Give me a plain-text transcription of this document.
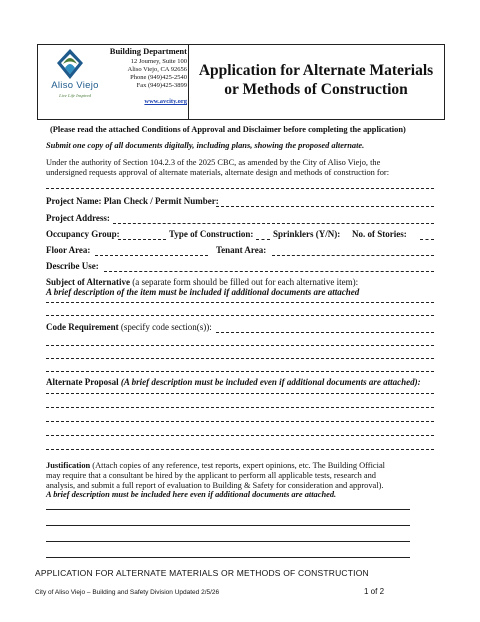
Aliso Viejo
Live Life Inspired
Building Department
12 Journey, Suite 100
Aliso Viejo, CA 92656
Phone (949)425-2540
Fax (949)425-3899
www.avcity.org
Application for Alternate Materials
or Methods of Construction
(Please read the attached Conditions of Approval and Disclaimer before completing the application)
Submit one copy of all documents digitally, including plans, showing the proposed alternate.
Under the authority of Section 104.2.3 of the 2025 CBC, as amended by the City of Aliso Viejo, the
undersigned requests approval of alternate materials, alternate design and methods of construction for:
Project Name: Plan Check / Permit Number:
Project Address:
Occupancy Group:	Type of Construction: Sprinklers (Y/N): No. of Stories:
Floor Area:	Tenant Area:
Describe Use:
Subject of Alternative (a separate form should be filled out for each alternative item):
A brief description of the item must be included if additional documents are attached
Code Requirement (specify code section(s)):
Alternate Proposal (A brief description must be included even if additional documents are attached):
Justification (Attach copies of any reference, test reports, expert opinions, etc. The Building Official
may require that a consultant be hired by the applicant to perform all applicable tests, research and
analysis, and submit a full report of evaluation to Building & Safety for consideration and approval).
A brief description must be included here even if additional documents are attached.
APPLICATION FOR ALTERNATE MATERIALS OR METHODS OF CONSTRUCTION
City of Aliso Viejo – Building and Safety Division Updated 2/5/26	1 of 2
